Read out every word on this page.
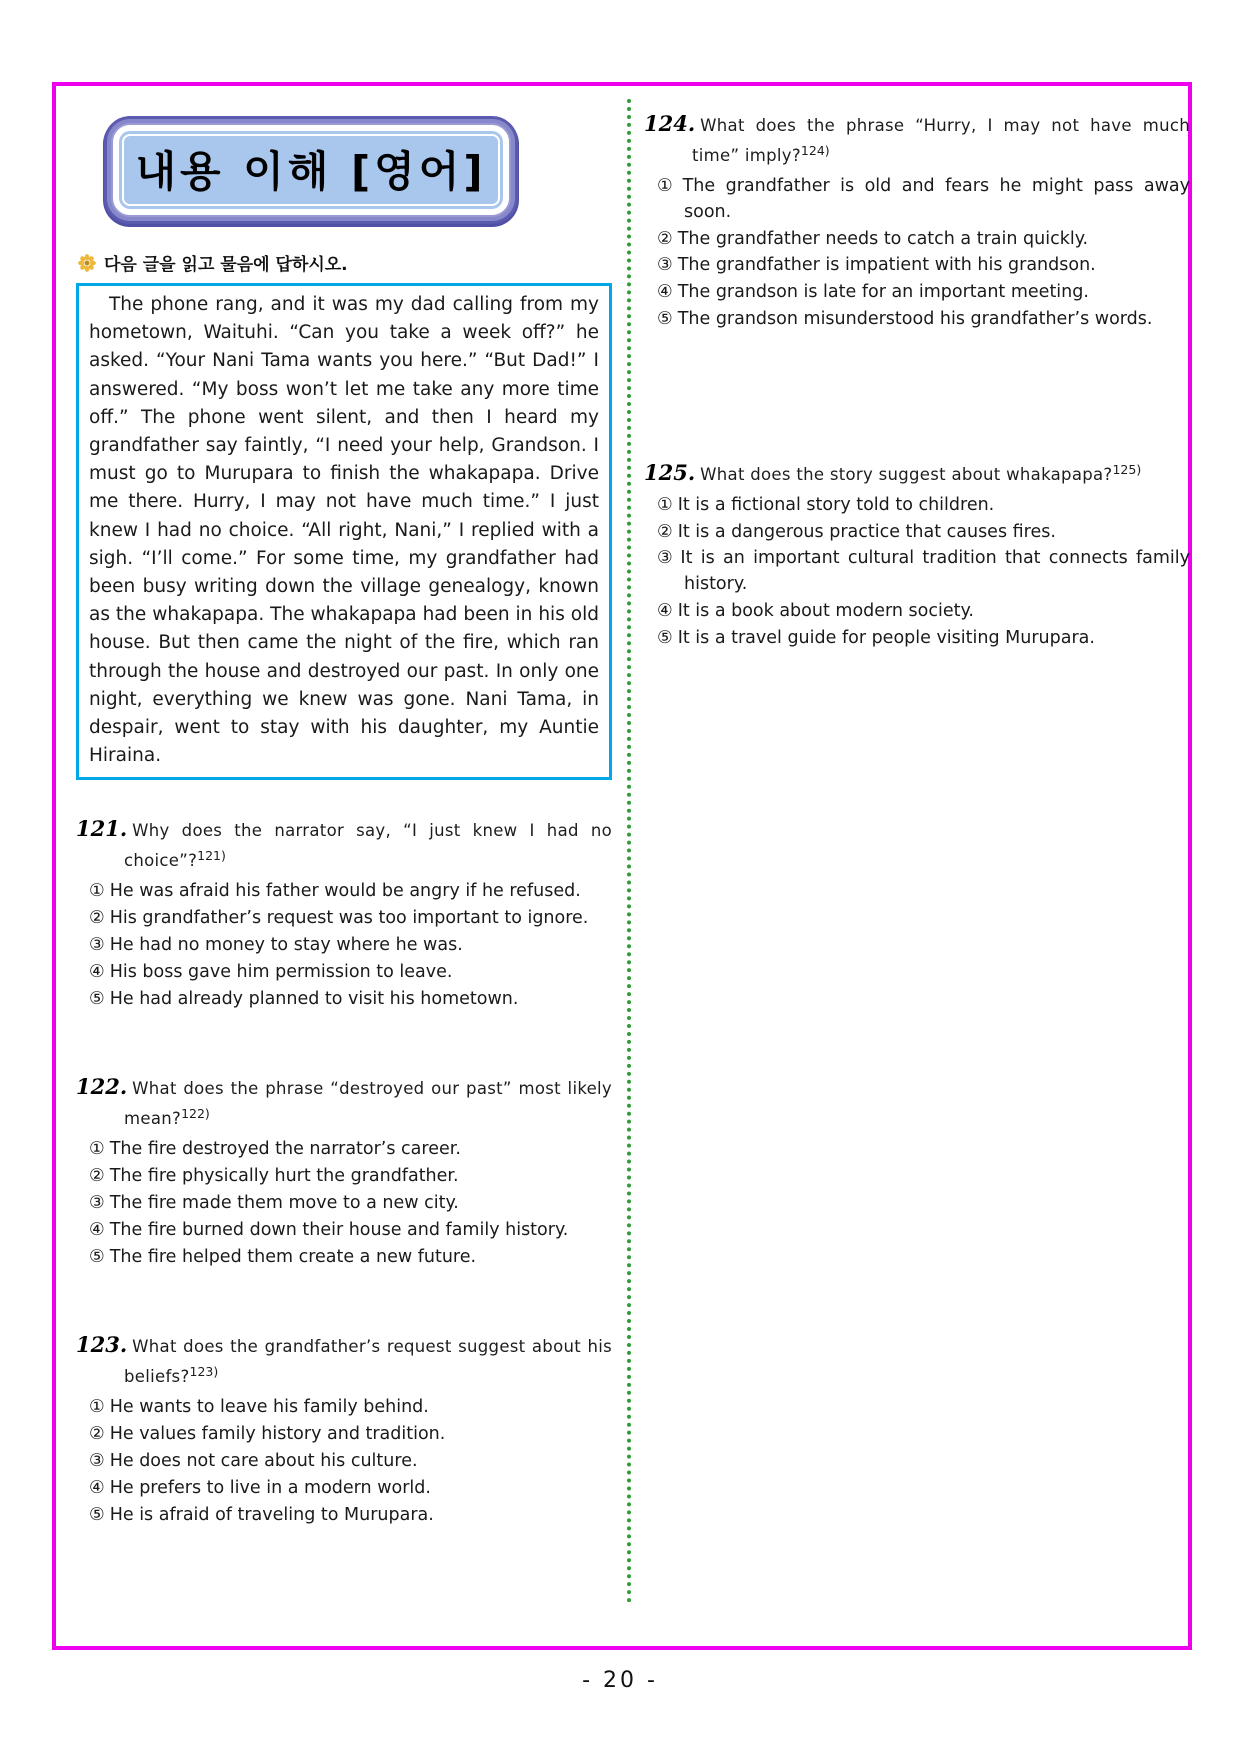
내용 이해 [영어]
다음 글을 읽고 물음에 답하시오.

The phone rang, and it was my dad calling from my hometown, Waituhi. “Can you take a week off?” he asked. “Your Nani Tama wants you here.” “But Dad!” I answered. “My boss won’t let me take any more time off.” The phone went silent, and then I heard my grandfather say faintly, “I need your help, Grandson. I must go to Murupara to finish the whakapapa. Drive me there. Hurry, I may not have much time.” I just knew I had no choice. “All right, Nani,” I replied with a sigh. “I’ll come.” For some time, my grandfather had been busy writing down the village genealogy, known as the whakapapa. The whakapapa had been in his old house. But then came the night of the fire, which ran through the house and destroyed our past. In only one night, everything we knew was gone. Nani Tama, in despair, went to stay with his daughter, my Auntie Hiraina.

121. Why does the narrator say, “I just knew I had no choice”?$^{121)}$
① He was afraid his father would be angry if he refused.
② His grandfather’s request was too important to ignore.
③ He had no money to stay where he was.
④ His boss gave him permission to leave.
⑤ He had already planned to visit his hometown.
122. What does the phrase “destroyed our past” most likely mean?$^{122)}$
① The fire destroyed the narrator’s career.
② The fire physically hurt the grandfather.
③ The fire made them move to a new city.
④ The fire burned down their house and family history.
⑤ The fire helped them create a new future.
123. What does the grandfather’s request suggest about his beliefs?$^{123)}$
① He wants to leave his family behind.
② He values family history and tradition.
③ He does not care about his culture.
④ He prefers to live in a modern world.
⑤ He is afraid of traveling to Murupara.
124. What does the phrase “Hurry, I may not have much time” imply?$^{124)}$
① The grandfather is old and fears he might pass away soon.
② The grandfather needs to catch a train quickly.
③ The grandfather is impatient with his grandson.
④ The grandson is late for an important meeting.
⑤ The grandson misunderstood his grandfather’s words.
125. What does the story suggest about whakapapa?$^{125)}$
① It is a fictional story told to children.
② It is a dangerous practice that causes fires.
③ It is an important cultural tradition that connects family history.
④ It is a book about modern society.
⑤ It is a travel guide for people visiting Murupara.
- 20 -
